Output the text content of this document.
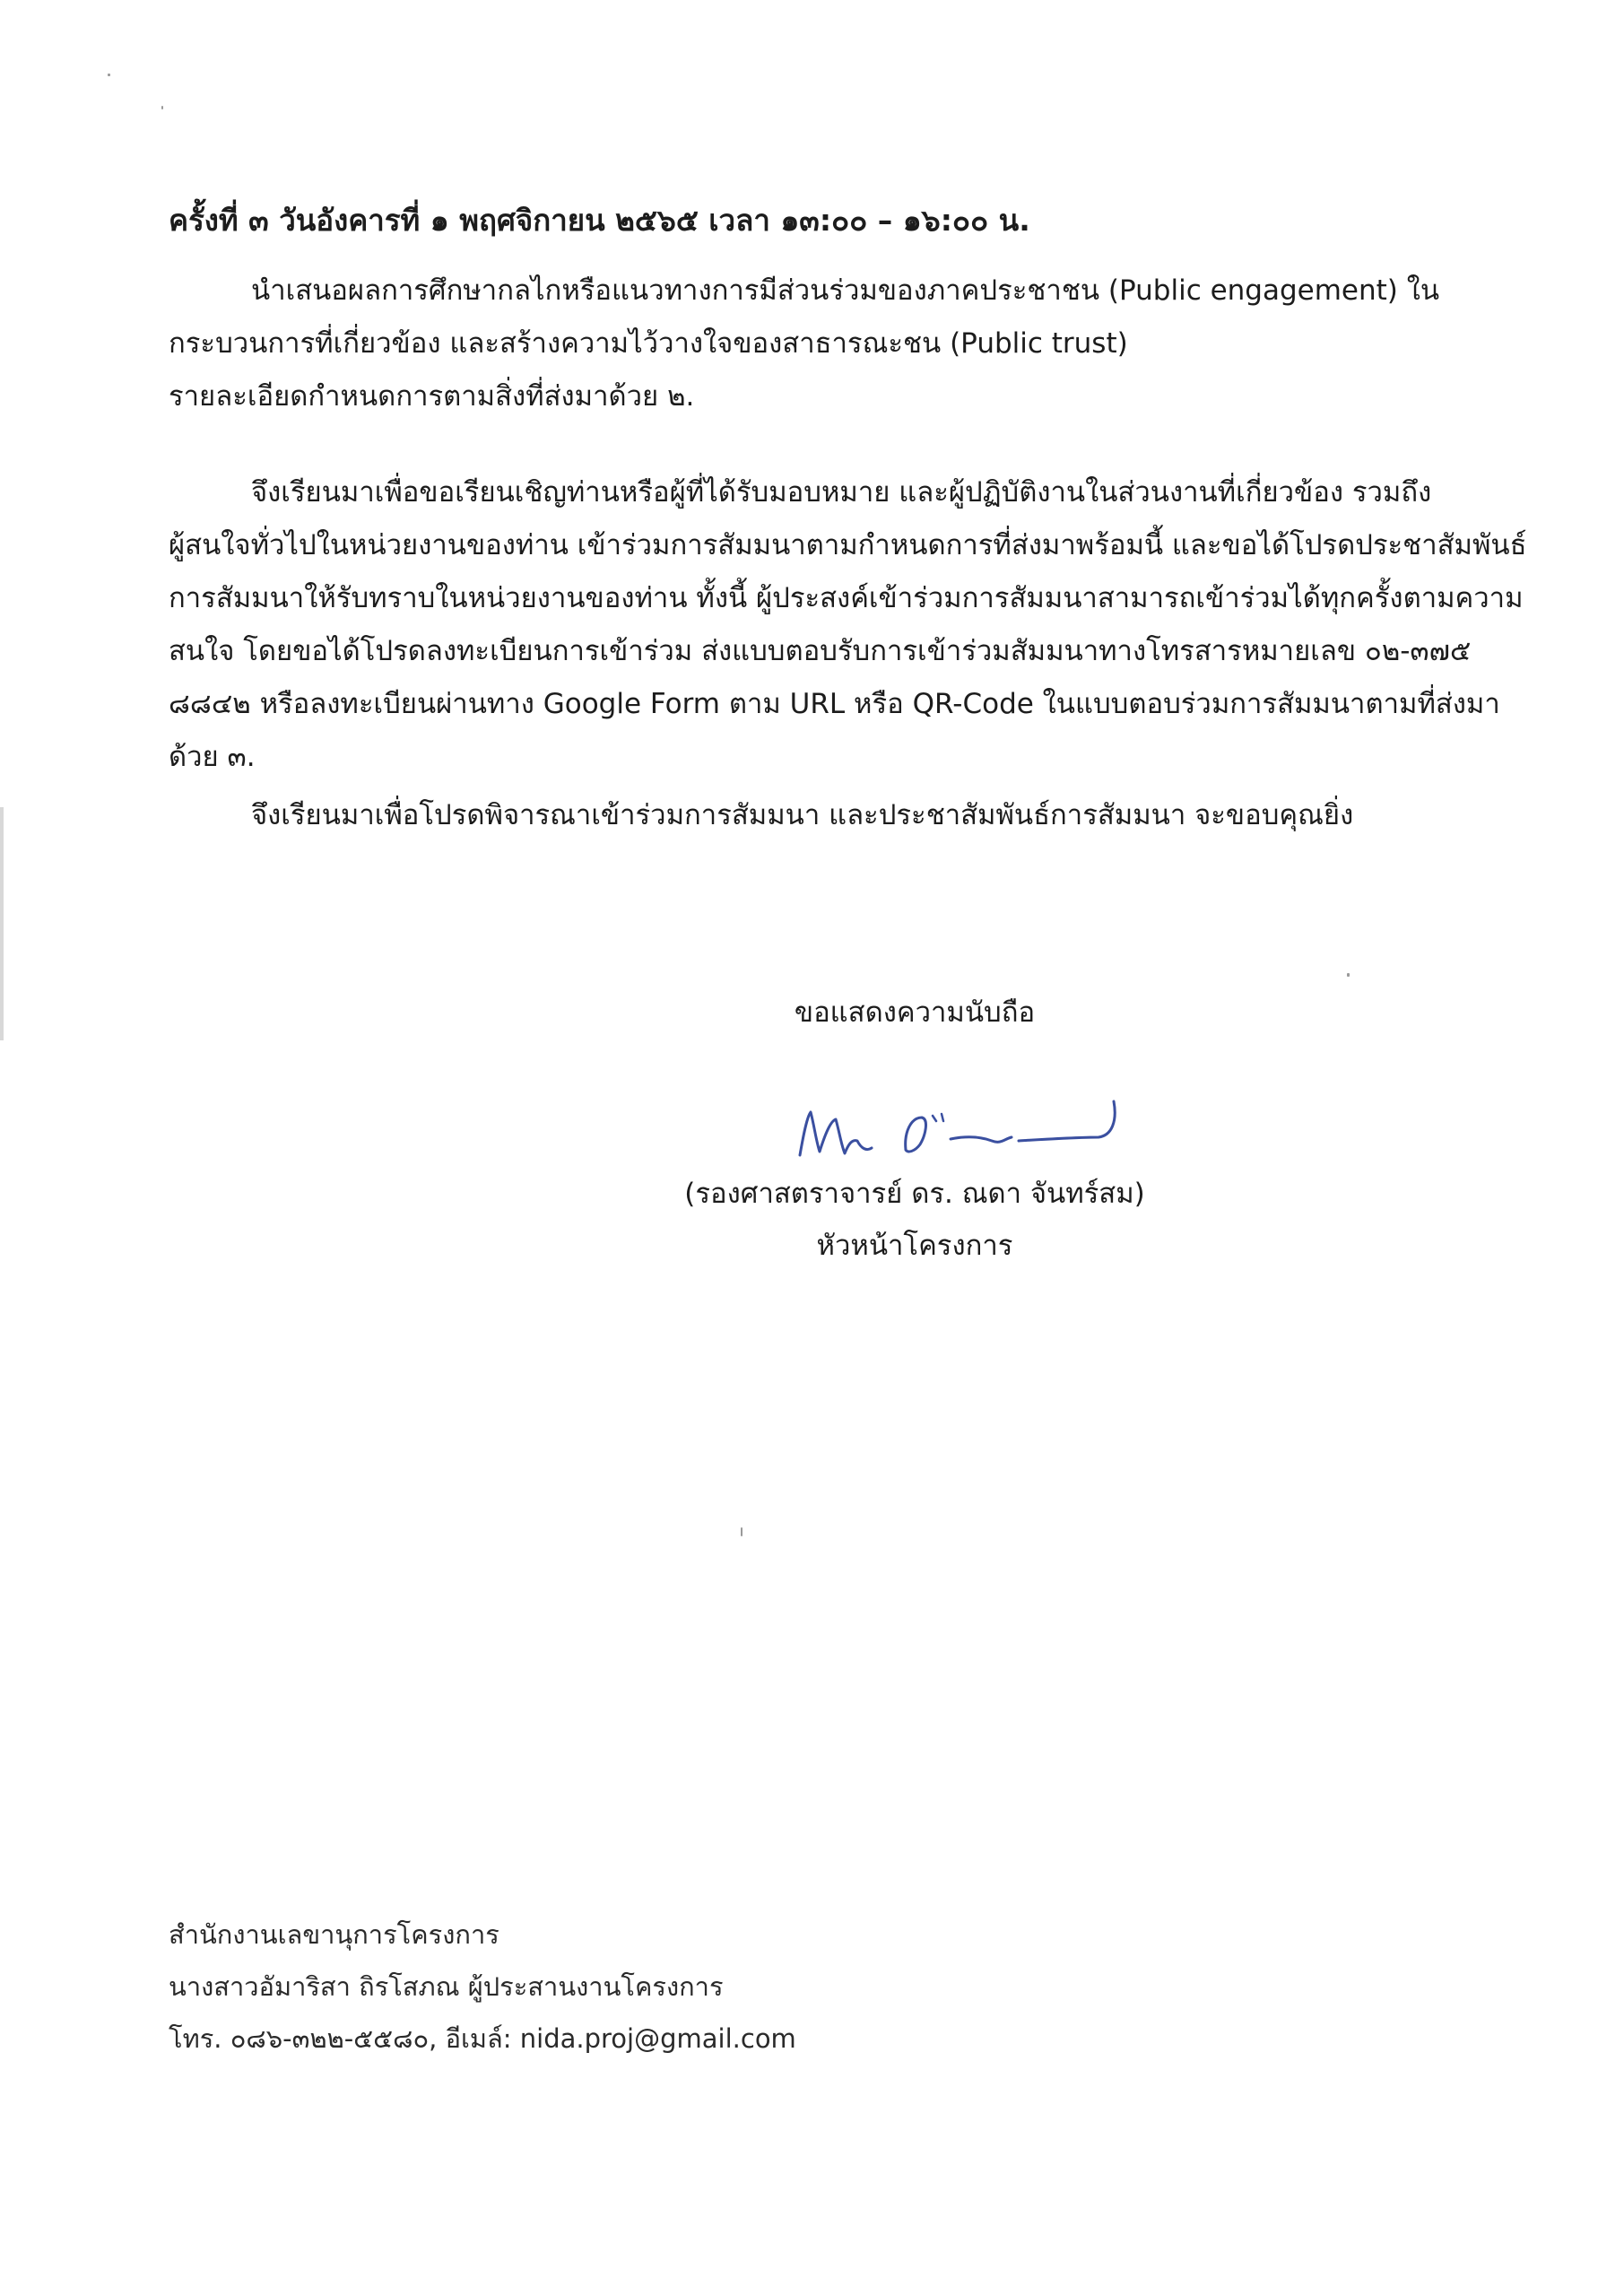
ครั้งที่ ๓ วันอังคารที่ ๑ พฤศจิกายน ๒๕๖๕ เวลา ๑๓:๐๐ – ๑๖:๐๐ น.
นำเสนอผลการศึกษากลไกหรือแนวทางการมีส่วนร่วมของภาคประชาชน (Public engagement) ใน
กระบวนการที่เกี่ยวข้อง และสร้างความไว้วางใจของสาธารณะชน (Public trust)
รายละเอียดกำหนดการตามสิ่งที่ส่งมาด้วย ๒.
จึงเรียนมาเพื่อขอเรียนเชิญท่านหรือผู้ที่ได้รับมอบหมาย และผู้ปฏิบัติงานในส่วนงานที่เกี่ยวข้อง รวมถึง
ผู้สนใจทั่วไปในหน่วยงานของท่าน เข้าร่วมการสัมมนาตามกำหนดการที่ส่งมาพร้อมนี้ และขอได้โปรดประชาสัมพันธ์
การสัมมนาให้รับทราบในหน่วยงานของท่าน ทั้งนี้ ผู้ประสงค์เข้าร่วมการสัมมนาสามารถเข้าร่วมได้ทุกครั้งตามความ
สนใจ โดยขอได้โปรดลงทะเบียนการเข้าร่วม ส่งแบบตอบรับการเข้าร่วมสัมมนาทางโทรสารหมายเลข ๐๒-๓๗๕
๘๘๔๒ หรือลงทะเบียนผ่านทาง Google Form ตาม URL หรือ QR-Code ในแบบตอบร่วมการสัมมนาตามที่ส่งมา
ด้วย ๓.
จึงเรียนมาเพื่อโปรดพิจารณาเข้าร่วมการสัมมนา และประชาสัมพันธ์การสัมมนา จะขอบคุณยิ่ง
ขอแสดงความนับถือ
(รองศาสตราจารย์ ดร. ณดา จันทร์สม)
หัวหน้าโครงการ
สำนักงานเลขานุการโครงการ
นางสาวอัมาริสา ถิรโสภณ ผู้ประสานงานโครงการ
โทร. ๐๘๖-๓๒๒-๕๕๘๐, อีเมล์: nida.proj@gmail.com
